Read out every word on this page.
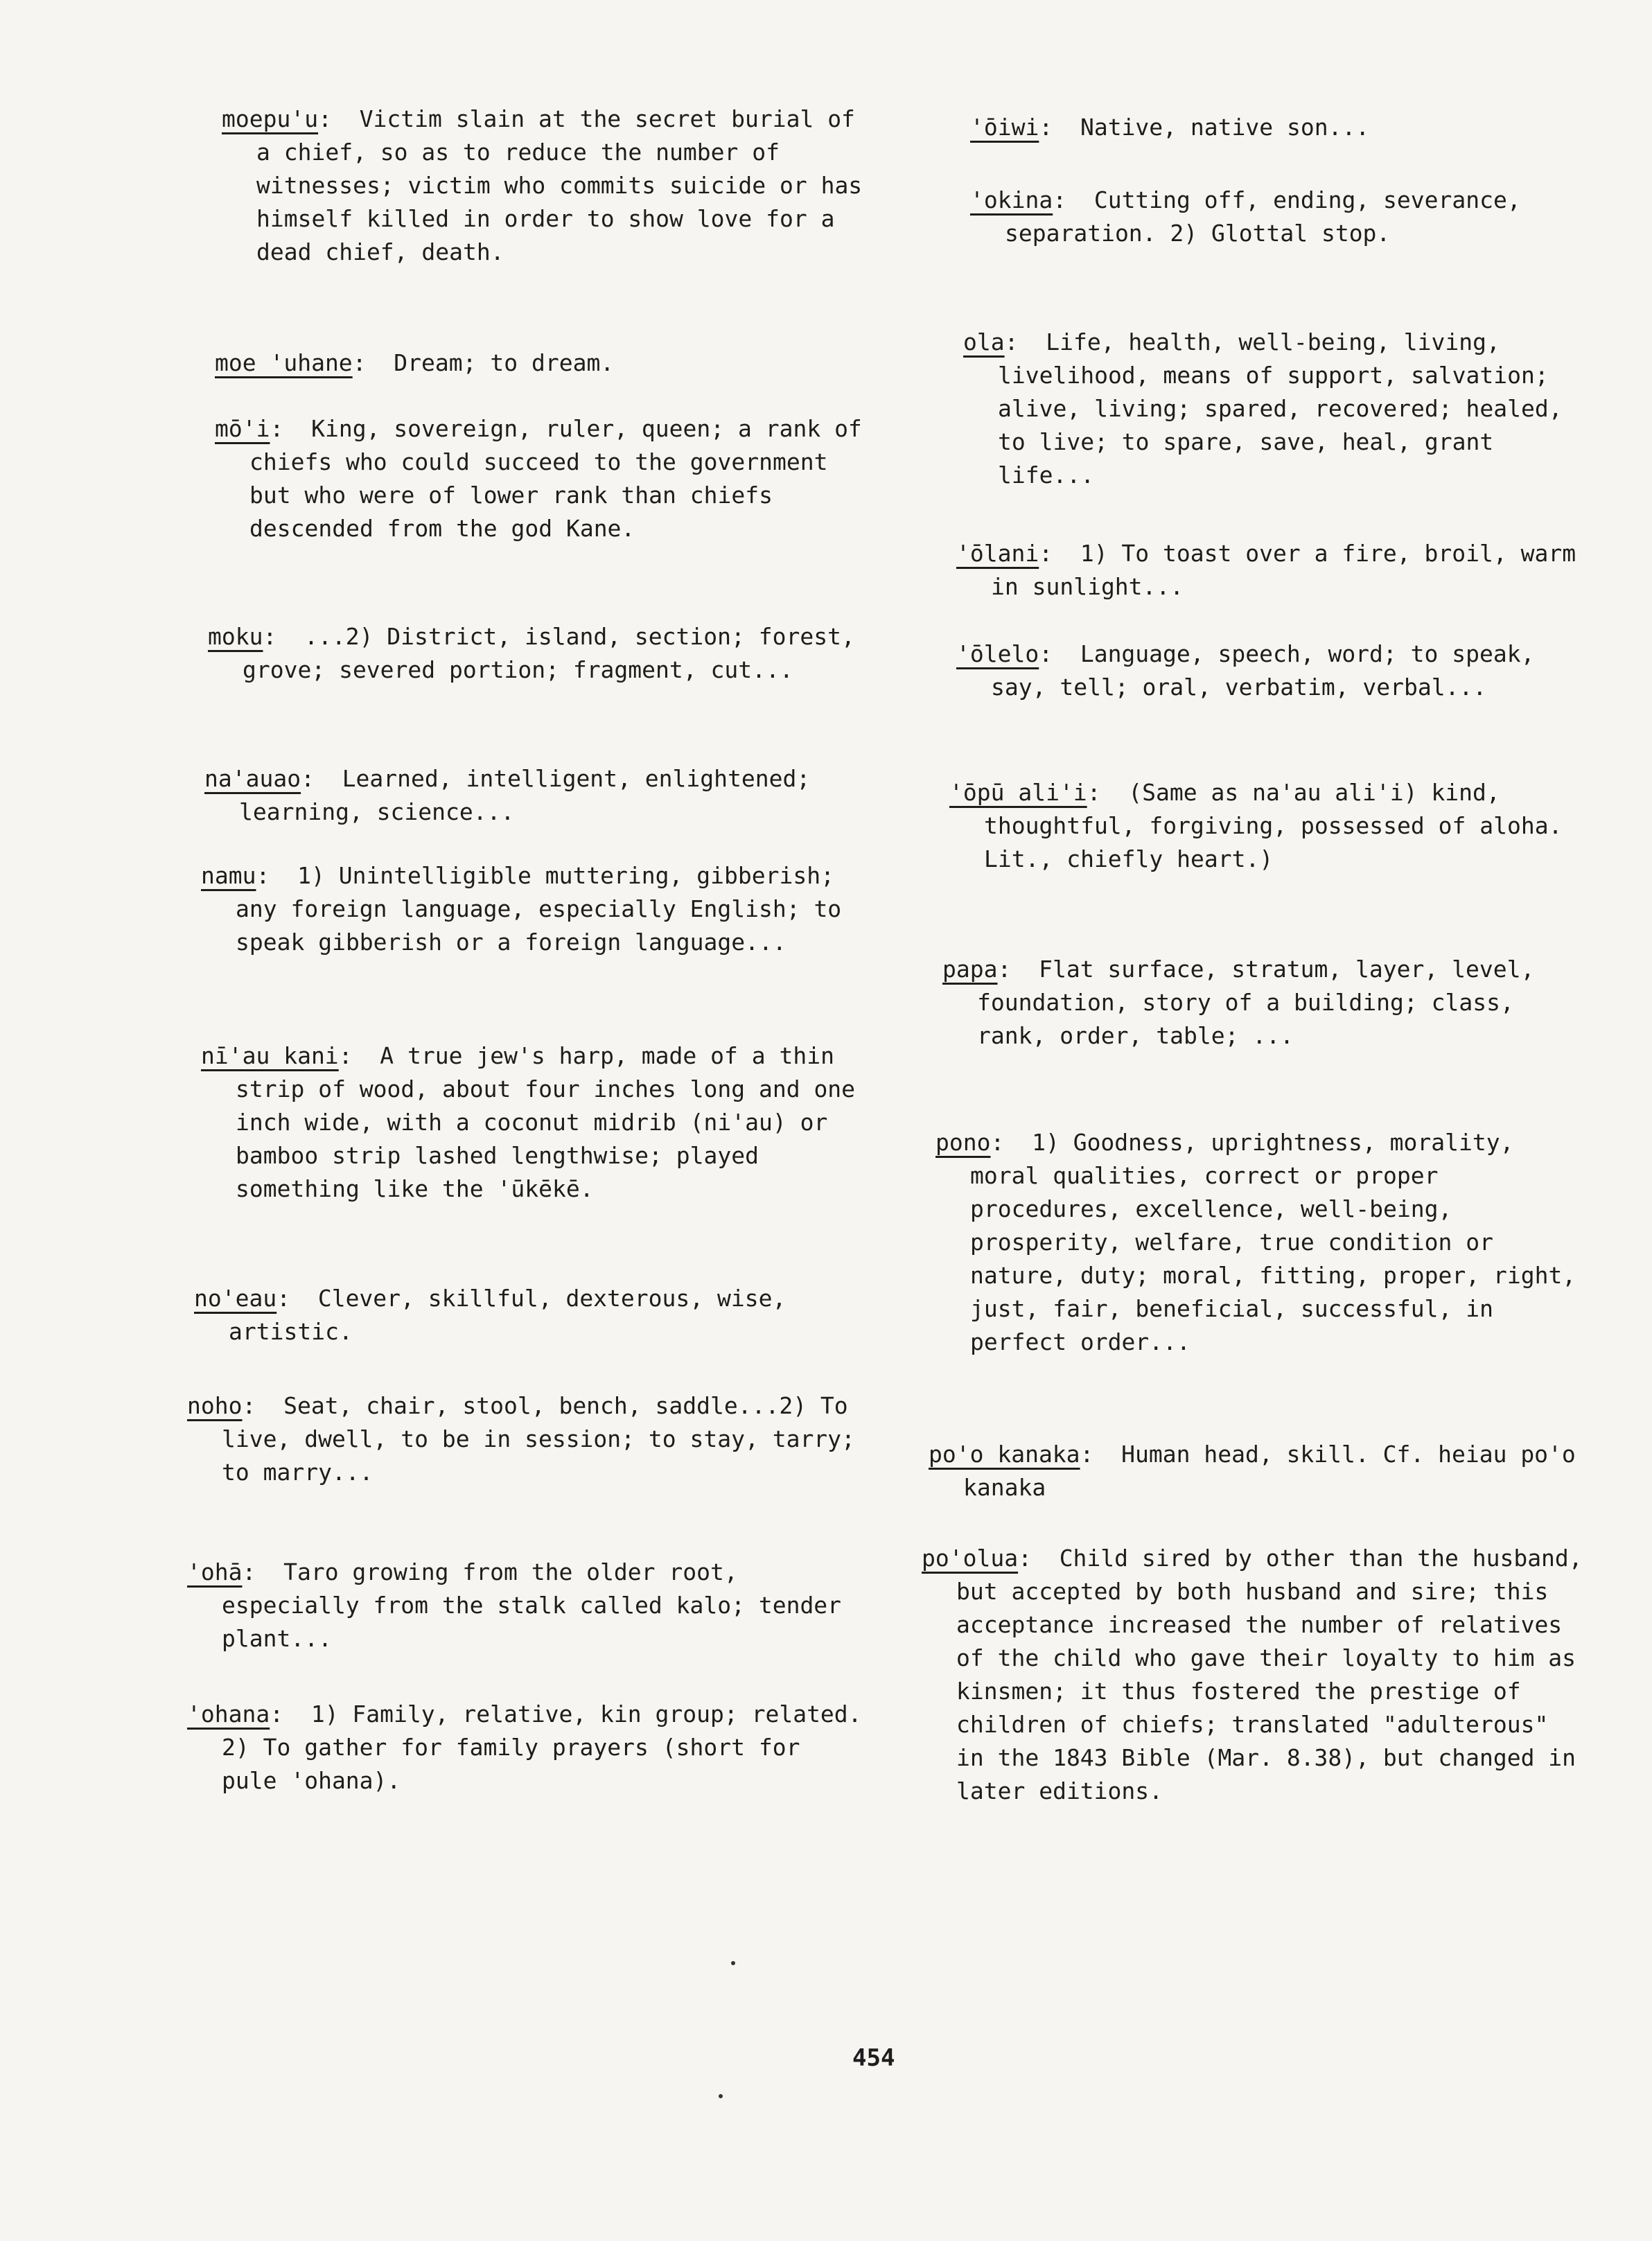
moepu'u:  Victim slain at the secret burial of a chief, so as to reduce the number of witnesses; victim who commits suicide or has himself killed in order to show love for a dead chief, death.

moe 'uhane:  Dream; to dream.

mō'i:  King, sovereign, ruler, queen; a rank of chiefs who could succeed to the government but who were of lower rank than chiefs descended from the god Kane.

moku:  ...2) District, island, section; forest, grove; severed portion; fragment, cut...

na'auao:  Learned, intelligent, enlightened; learning, science...

namu:  1) Unintelligible muttering, gibberish; any foreign language, especially English; to speak gibberish or a foreign language...

nī'au kani:  A true jew's harp, made of a thin strip of wood, about four inches long and one inch wide, with a coconut midrib (ni'au) or bamboo strip lashed lengthwise; played something like the 'ūkēkē.

no'eau:  Clever, skillful, dexterous, wise, artistic.

noho:  Seat, chair, stool, bench, saddle...2) To live, dwell, to be in session; to stay, tarry; to marry...

'ohā:  Taro growing from the older root, especially from the stalk called kalo; tender plant...

'ohana:  1) Family, relative, kin group; related. 2) To gather for family prayers (short for pule 'ohana).

'ōiwi:  Native, native son...

'okina:  Cutting off, ending, severance, separation. 2) Glottal stop.

ola:  Life, health, well-being, living, livelihood, means of support, salvation; alive, living; spared, recovered; healed, to live; to spare, save, heal, grant life...

'ōlani:  1) To toast over a fire, broil, warm in sunlight...

'ōlelo:  Language, speech, word; to speak, say, tell; oral, verbatim, verbal...

'ōpū ali'i:  (Same as na'au ali'i) kind, thoughtful, forgiving, possessed of aloha. Lit., chiefly heart.)

papa:  Flat surface, stratum, layer, level, foundation, story of a building; class, rank, order, table; ...

pono:  1) Goodness, uprightness, morality, moral qualities, correct or proper procedures, excellence, well-being, prosperity, welfare, true condition or nature, duty; moral, fitting, proper, right, just, fair, beneficial, successful, in perfect order...

po'o kanaka:  Human head, skill. Cf. heiau po'o kanaka

po'olua:  Child sired by other than the husband, but accepted by both husband and sire; this acceptance increased the number of relatives of the child who gave their loyalty to him as kinsmen; it thus fostered the prestige of children of chiefs; translated "adulterous" in the 1843 Bible (Mar. 8.38), but changed in later editions.

454
